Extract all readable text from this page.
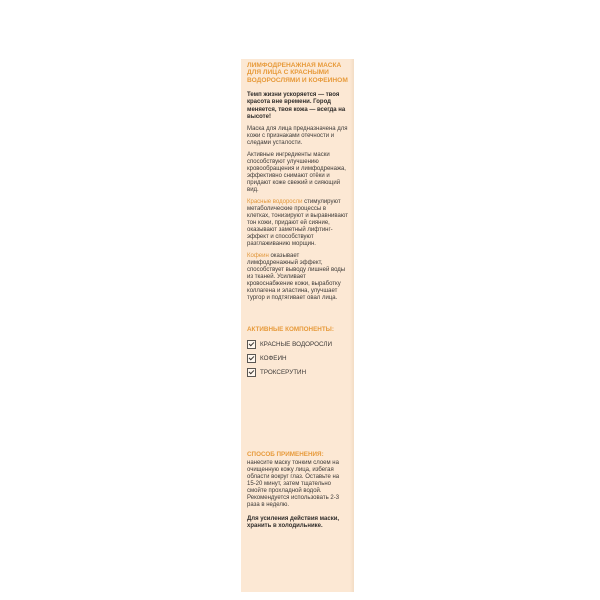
ЛИМФОДРЕНАЖНАЯ МАСКА ДЛЯ ЛИЦА С КРАСНЫМИ ВОДОРОСЛЯМИ И КОФЕИНОМ
Темп жизни ускоряется — твоя красота вне времени. Город меняется, твоя кожа — всегда на высоте!
Маска для лица предназначена для кожи с признаками отечности и следами усталости.
Активные ингредиенты маски способствуют улучшению кровообращения и лимфодренажа, эффективно снимают отёки и придают коже свежий и сияющий вид.
Красные водоросли стимулируют метаболические процессы в клетках, тонизируют и выравнивают тон кожи, придают ей сияние, оказывают заметный лифтинг-эффект и способствуют разглаживанию морщин.
Кофеин оказывает лимфодренажный эффект, способствует выводу лишней воды из тканей. Усиливает кровоснабжение кожи, выработку коллагена и эластина, улучшает тургор и подтягивает овал лица.
АКТИВНЫЕ КОМПОНЕНТЫ:
КРАСНЫЕ ВОДОРОСЛИ
КОФЕИН
ТРОКСЕРУТИН
СПОСОБ ПРИМЕНЕНИЯ:
нанесите маску тонким слоем на очищенную кожу лица, избегая области вокруг глаз. Оставьте на 15-20 минут, затем тщательно смойте прохладной водой. Рекомендуется использовать 2-3 раза в неделю.
Для усиления действия маски, хранить в холодильнике.
